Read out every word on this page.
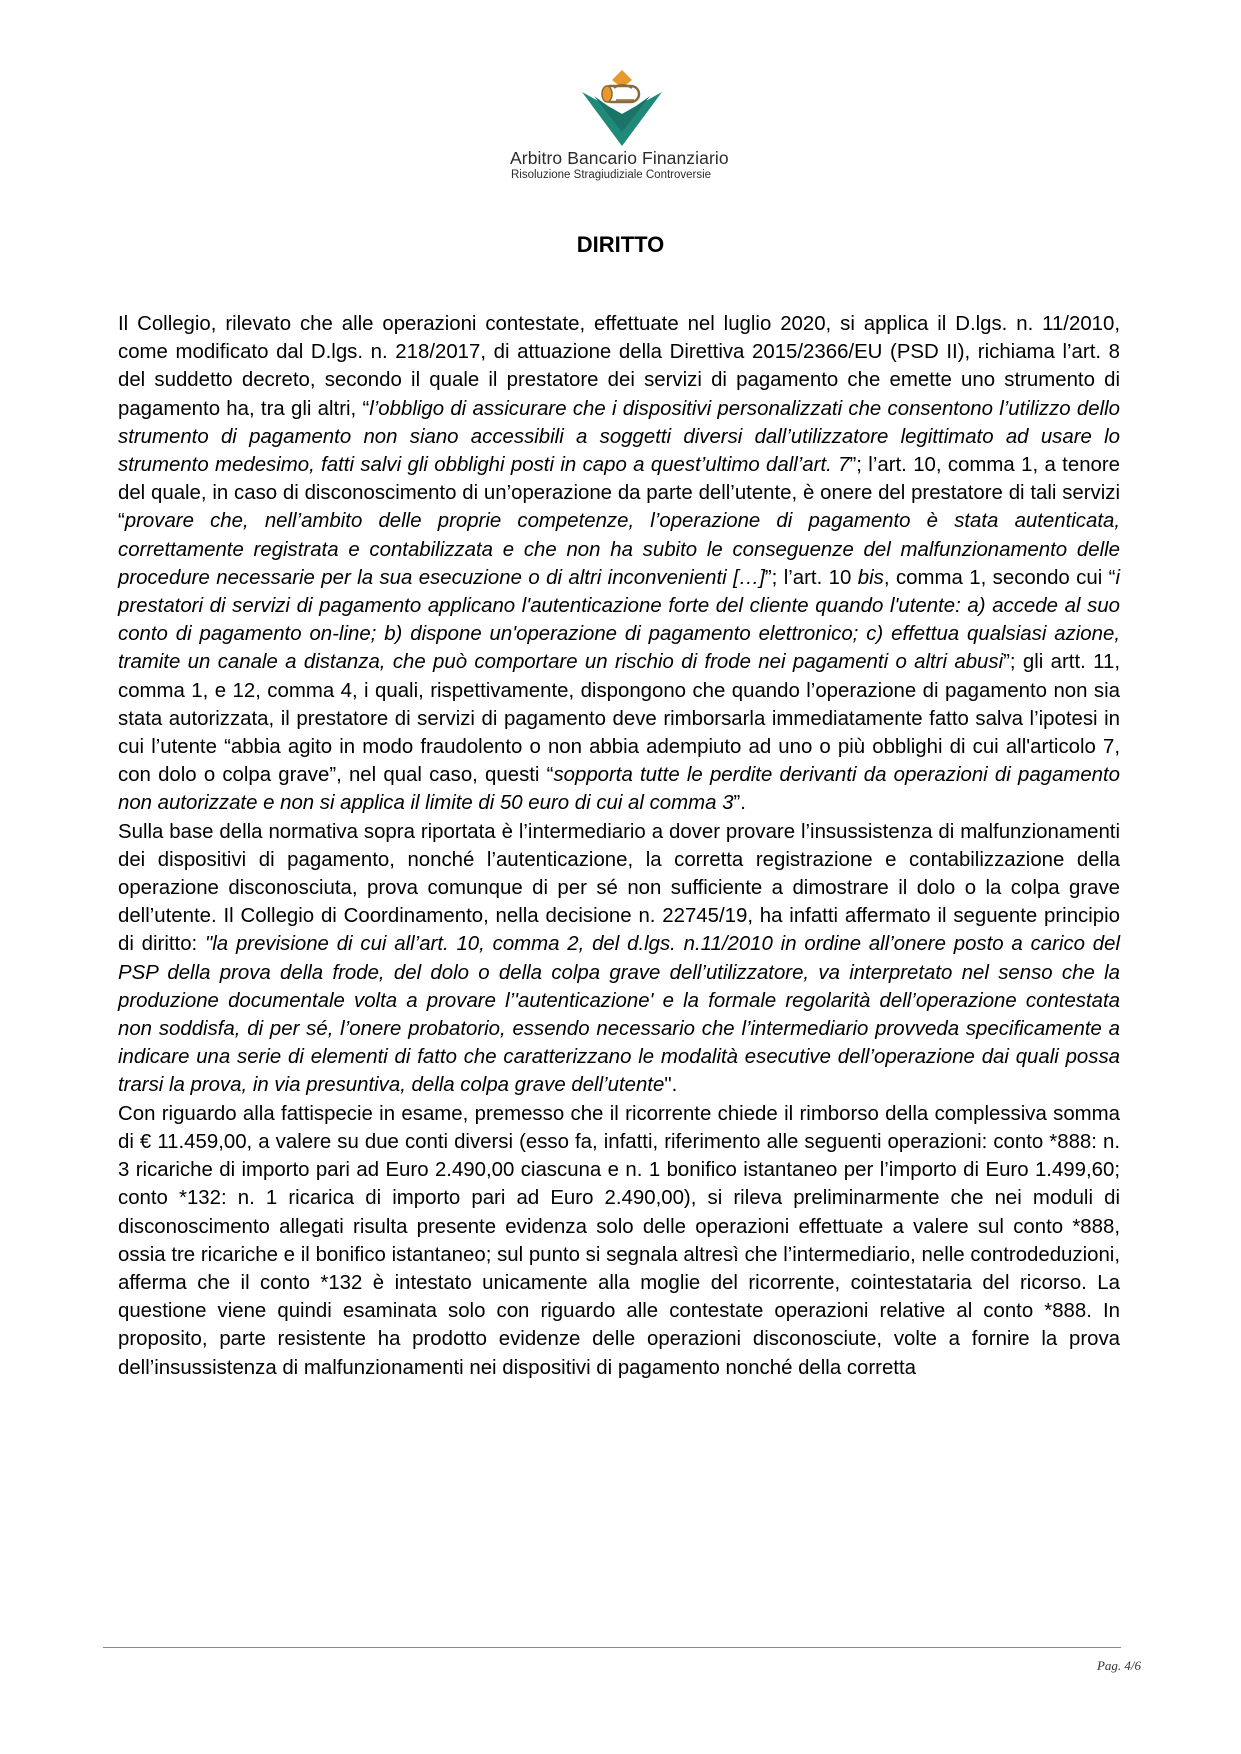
Arbitro Bancario Finanziario
Risoluzione Stragiudiziale Controversie
DIRITTO

Il Collegio, rilevato che alle operazioni contestate, effettuate nel luglio 2020, si applica il D.lgs. n. 11/2010, come modificato dal D.lgs. n. 218/2017, di attuazione della Direttiva 2015/2366/EU (PSD II), richiama l’art. 8 del suddetto decreto, secondo il quale il prestatore dei servizi di pagamento che emette uno strumento di pagamento ha, tra gli altri, “l’obbligo di assicurare che i dispositivi personalizzati che consentono l’utilizzo dello strumento di pagamento non siano accessibili a soggetti diversi dall’utilizzatore legittimato ad usare lo strumento medesimo, fatti salvi gli obblighi posti in capo a quest’ultimo dall’art. 7”; l’art. 10, comma 1, a tenore del quale, in caso di disconoscimento di un’operazione da parte dell’utente, è onere del prestatore di tali servizi “provare che, nell’ambito delle proprie competenze, l’operazione di pagamento è stata autenticata, correttamente registrata e contabilizzata e che non ha subito le conseguenze del malfunzionamento delle procedure necessarie per la sua esecuzione o di altri inconvenienti […]”; l’art. 10 bis, comma 1, secondo cui “i prestatori di servizi di pagamento applicano l'autenticazione forte del cliente quando l'utente: a) accede al suo conto di pagamento on-line; b) dispone un'operazione di pagamento elettronico; c) effettua qualsiasi azione, tramite un canale a distanza, che può comportare un rischio di frode nei pagamenti o altri abusi”; gli artt. 11, comma 1, e 12, comma 4, i quali, rispettivamente, dispongono che quando l’operazione di pagamento non sia stata autorizzata, il prestatore di servizi di pagamento deve rimborsarla immediatamente fatto salva l’ipotesi in cui l’utente “abbia agito in modo fraudolento o non abbia adempiuto ad uno o più obblighi di cui all'articolo 7, con dolo o colpa grave”, nel qual caso, questi “sopporta tutte le perdite derivanti da operazioni di pagamento non autorizzate e non si applica il limite di 50 euro di cui al comma 3”.

Sulla base della normativa sopra riportata è l’intermediario a dover provare l’insussistenza di malfunzionamenti dei dispositivi di pagamento, nonché l’autenticazione, la corretta registrazione e contabilizzazione della operazione disconosciuta, prova comunque di per sé non sufficiente a dimostrare il dolo o la colpa grave dell’utente. Il Collegio di Coordinamento, nella decisione n. 22745/19, ha infatti affermato il seguente principio di diritto: "la previsione di cui all’art. 10, comma 2, del d.lgs. n.11/2010 in ordine all’onere posto a carico del PSP della prova della frode, del dolo o della colpa grave dell’utilizzatore, va interpretato nel senso che la produzione documentale volta a provare l’'autenticazione' e la formale regolarità dell’operazione contestata non soddisfa, di per sé, l’onere probatorio, essendo necessario che l’intermediario provveda specificamente a indicare una serie di elementi di fatto che caratterizzano le modalità esecutive dell’operazione dai quali possa trarsi la prova, in via presuntiva, della colpa grave dell’utente".

Con riguardo alla fattispecie in esame, premesso che il ricorrente chiede il rimborso della complessiva somma di € 11.459,00, a valere su due conti diversi (esso fa, infatti, riferimento alle seguenti operazioni: conto *888: n. 3 ricariche di importo pari ad Euro 2.490,00 ciascuna e n. 1 bonifico istantaneo per l’importo di Euro 1.499,60; conto *132: n. 1 ricarica di importo pari ad Euro 2.490,00), si rileva preliminarmente che nei moduli di disconoscimento allegati risulta presente evidenza solo delle operazioni effettuate a valere sul conto *888, ossia tre ricariche e il bonifico istantaneo; sul punto si segnala altresì che l’intermediario, nelle controdeduzioni, afferma che il conto *132 è intestato unicamente alla moglie del ricorrente, cointestataria del ricorso. La questione viene quindi esaminata solo con riguardo alle contestate operazioni relative al conto *888. In proposito, parte resistente ha prodotto evidenze delle operazioni disconosciute, volte a fornire la prova dell’insussistenza di malfunzionamenti nei dispositivi di pagamento nonché della corretta

Pag. 4/6
